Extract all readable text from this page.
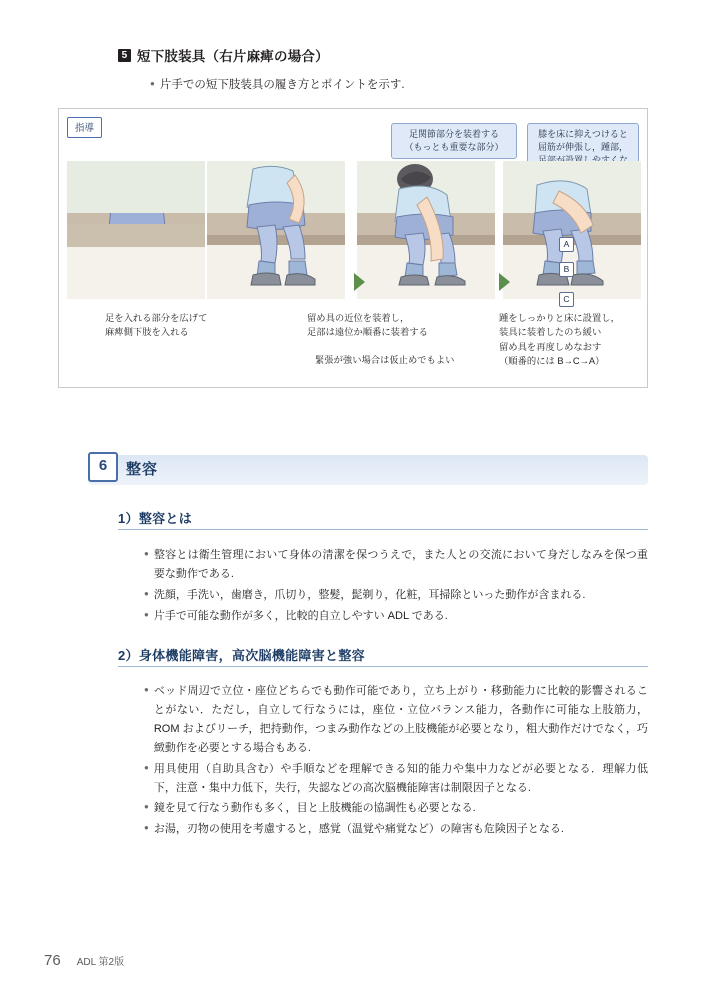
5 短下肢装具（右片麻痺の場合）
● 片手での短下肢装具の履き方とポイントを示す.
指導	足関節部分を装着する
（もっとも重要な部分）
膝を床に抑えつけると
屈筋が伸張し，踵部，
A
B
C
足を入れる部分を広げて
麻痺側下肢を入れる
留め具の近位を装着し，
足部は遠位か順番に装着する
緊張が強い場合は仮止めでもよい
踵をしっかりと床に設置し，
装具に装着したのち緩い
留め具を再度しめなおす
（順番的には B→C→A）
6	整容
1）整容とは
● 整容とは衛生管理において身体の清潔を保つうえで，また人との交流において身だしなみを保つ重要な動作である.
● 洗顔，手洗い，歯磨き，爪切り，整髪，髭剃り，化粧，耳掃除といった動作が含まれる.
● 片手で可能な動作が多く，比較的自立しやすい ADL である.
2）身体機能障害，高次脳機能障害と整容
● ベッド周辺で立位・座位どちらでも動作可能であり，立ち上がり・移動能力に比較的影響されることがない．ただし，自立して行なうには，座位・立位バランス能力，各動作に可能な上肢筋力，ROM およびリーチ，把持動作，つまみ動作などの上肢機能が必要となり，粗大動作だけでなく，巧緻動作を必要とする場合もある.
● 用具使用（自助具含む）や手順などを理解できる知的能力や集中力などが必要となる．理解力低下，注意・集中力低下，失行，失認などの高次脳機能障害は制限因子となる.
● 鏡を見て行なう動作も多く，目と上肢機能の協調性も必要となる.
● お湯，刃物の使用を考慮すると，感覚（温覚や痛覚など）の障害も危険因子となる.
76 ADL 第2版
